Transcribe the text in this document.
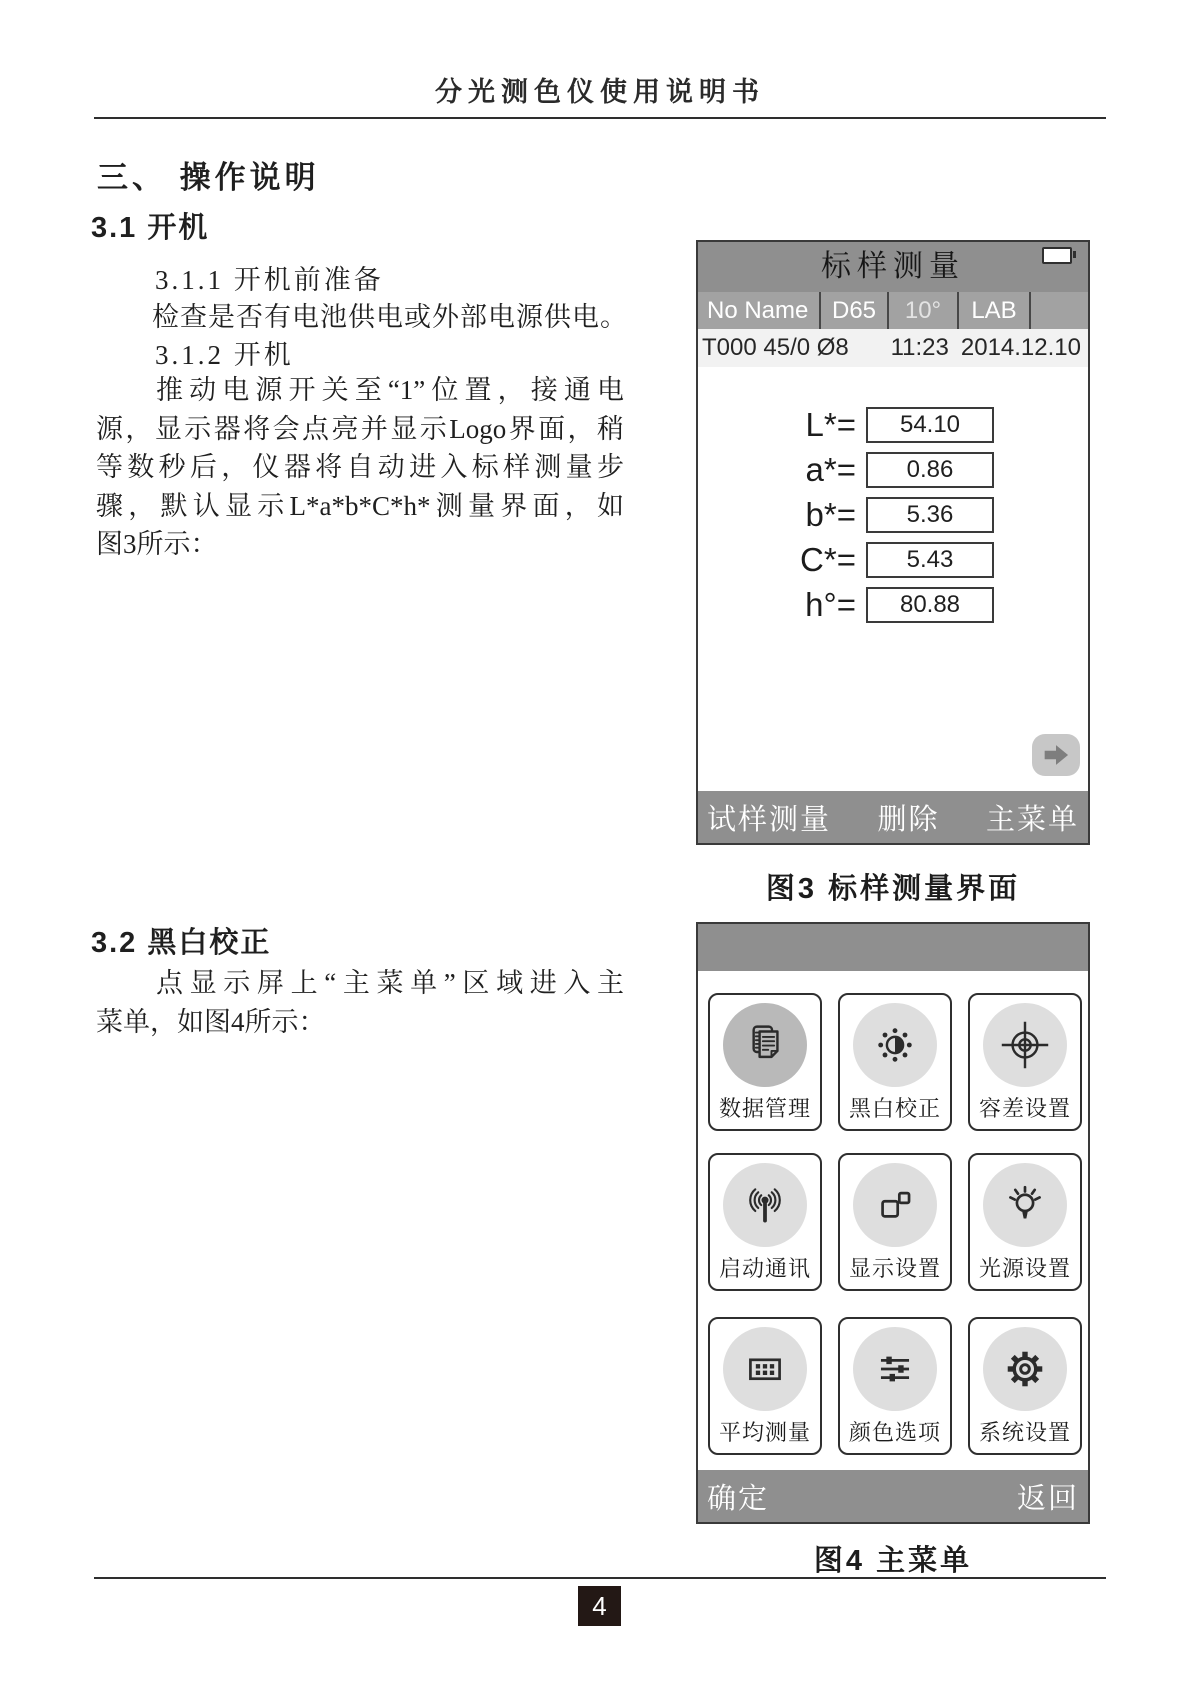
分光测色仪使用说明书
三、 操作说明
3.1 开机
3.1.1 开机前准备
检查是否有电池供电或外部电源供电。
3.1.2 开机
推动电源开关至“1”位置，接通电
源，显示器将会点亮并显示Logo界面，稍
等数秒后，仪器将自动进入标样测量步
骤，默认显示L*a*b*C*h*测量界面，如
图3所示：
3.2 黑白校正
点显示屏上“主菜单”区域进入主
菜单，如图4所示：
标样测量
No Name D65	10°	LAB
T000 45/0 Ø8 11:23 2014.12.10
L*=	54.10
a*=	0.86
b*=	5.36
C*=	5.43
h°=	80.88
试样测量 删除 主菜单
图3 标样测量界面
数据管理	黑白校正	容差设置
启动通讯	显示设置	光源设置
平均测量	颜色选项	系统设置
确定	返回
图4 主菜单
4
